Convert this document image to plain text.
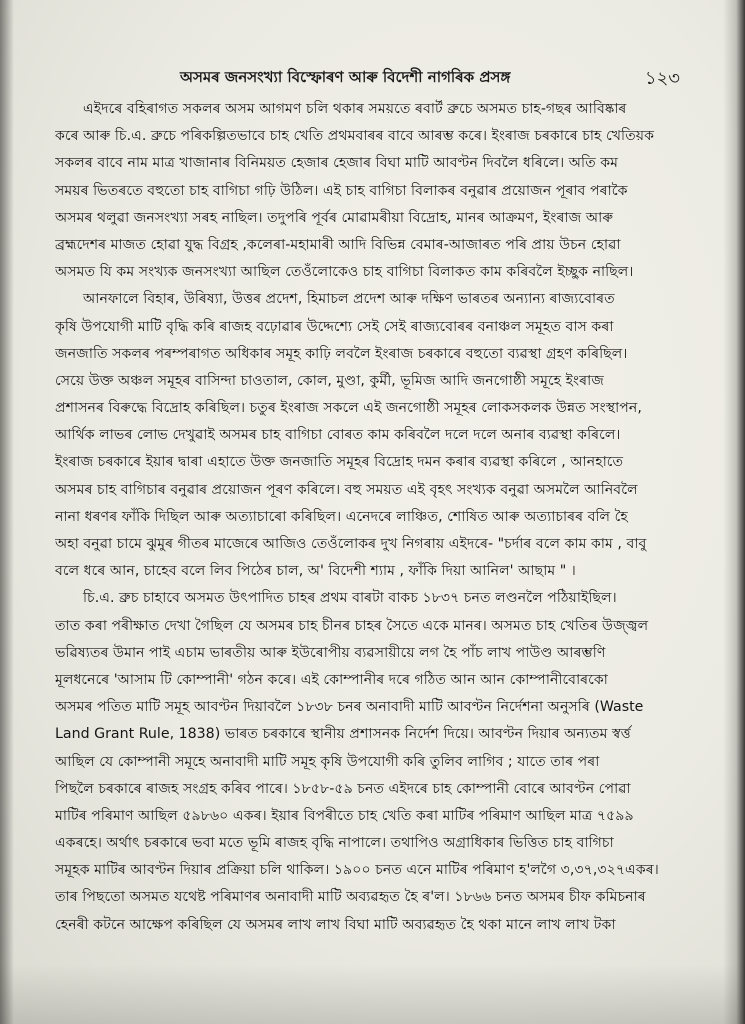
অসমৰ জনসংখ্যা বিস্ফোৰণ আৰু বিদেশী নাগৰিক প্ৰসঙ্গ	১২৩
এইদৰে বহিৰাগত সকলৰ অসম আগমণ চলি থকাৰ সময়তে ৰবাৰ্ট ব্ৰুচে অসমত চাহ-গছৰ আবিষ্কাৰ
কৰে আৰু চি.এ. ব্ৰুচে পৰিকল্পিতভাবে চাহ খেতি প্ৰথমবাৰৰ বাবে আৰম্ভ কৰে। ইংৰাজ চৰকাৰে চাহ খেতিয়ক
সকলৰ বাবে নাম মাত্ৰ খাজানাৰ বিনিময়ত হেজাৰ হেজাৰ বিঘা মাটি আবণ্টন দিবলৈ ধৰিলে। অতি কম
সময়ৰ ভিতৰতে বহুতো চাহ বাগিচা গঢ়ি উঠিল। এই চাহ বাগিচা বিলাকৰ বনুৱাৰ প্ৰয়োজন পূৰাব পৰাকৈ
অসমৰ থলুৱা জনসংখ্যা সৰহ নাছিল। তদুপৰি পূৰ্বৰ মোৱামৰীয়া বিদ্ৰোহ, মানৰ আক্ৰমণ, ইংৰাজ আৰু
ব্ৰহ্মদেশৰ মাজত হোৱা যুদ্ধ বিগ্ৰহ ,কলেৰা-মহামাৰী আদি বিভিন্ন বেমাৰ-আজাৰত পৰি প্ৰায় উচন হোৱা
অসমত যি কম সংখ্যক জনসংখ্যা আছিল তেওঁলোকেও চাহ বাগিচা বিলাকত কাম কৰিবলৈ ইচ্ছুক নাছিল।
আনফালে বিহাৰ, উৰিষ্যা, উত্তৰ প্ৰদেশ, হিমাচল প্ৰদেশ আৰু দক্ষিণ ভাৰতৰ অন্যান্য ৰাজ্যবোৰত
কৃষি উপযোগী মাটি বৃদ্ধি কৰি ৰাজহ বঢ়োৱাৰ উদ্দেশ্যে সেই সেই ৰাজ্যবোৰৰ বনাঞ্চল সমূহত বাস কৰা
জনজাতি সকলৰ পৰম্পৰাগত অধিকাৰ সমূহ কাঢ়ি লবলৈ ইংৰাজ চৰকাৰে বহুতো ব্যৱস্থা গ্ৰহণ কৰিছিল।
সেয়ে উক্ত অঞ্চল সমূহৰ বাসিন্দা চাওতাল, কোল, মুণ্ডা, কুৰ্মী, ভূমিজ আদি জনগোষ্ঠী সমূহে ইংৰাজ
প্ৰশাসনৰ বিৰুদ্ধে বিদ্ৰোহ কৰিছিল। চতুৰ ইংৰাজ সকলে এই জনগোষ্ঠী সমূহৰ লোকসকলক উন্নত সংস্থাপন,
আৰ্থিক লাভৰ লোভ দেখুৱাই অসমৰ চাহ বাগিচা বোৰত কাম কৰিবলৈ দলে দলে অনাৰ ব্যৱস্থা কৰিলে।
ইংৰাজ চৰকাৰে ইয়াৰ দ্বাৰা এহাতে উক্ত জনজাতি সমূহৰ বিদ্ৰোহ দমন কৰাৰ ব্যৱস্থা কৰিলে , আনহাতে
অসমৰ চাহ বাগিচাৰ বনুৱাৰ প্ৰয়োজন পূৰণ কৰিলে। বহু সময়ত এই বৃহৎ সংখ্যক বনুৱা অসমলৈ আনিবলৈ
নানা ধৰণৰ ফাঁকি দিছিল আৰু অত্যাচাৰো কৰিছিল। এনেদৰে লাঞ্চিত, শোষিত আৰু অত্যাচাৰৰ বলি হৈ
অহা বনুৱা চামে ঝুমুৰ গীতৰ মাজেৰে আজিও তেওঁলোকৰ দুখ নিগৰায় এইদৰে- "চৰ্দাৰ বলে কাম কাম , বাবু
বলে ধৰে আন, চাহেব বলে লিব পিঠেৰ চাল, অ' বিদেশী শ্যাম , ফাঁকি দিয়া আনিল' আছাম " ।
চি.এ. ব্ৰুচ চাহাবে অসমত উৎপাদিত চাহৰ প্ৰথম বাৰটা বাকচ ১৮৩৭ চনত লণ্ডনলৈ পঠিয়াইছিল।
তাত কৰা পৰীক্ষাত দেখা গৈছিল যে অসমৰ চাহ চীনৰ চাহৰ সৈতে একে মানৰ। অসমত চাহ খেতিৰ উজ্জ্বল
ভৱিষ্যতৰ উমান পাই এচাম ভাৰতীয় আৰু ইউৰোপীয় ব্যৱসায়ীয়ে লগ হৈ পাঁচ লাখ পাউণ্ড আৰম্ভণি
মূলধনেৰে 'আসাম টি কোম্পানী' গঠন কৰে। এই কোম্পানীৰ দৰে গঠিত আন আন কোম্পানীবোৰকো
অসমৰ পতিত মাটি সমূহ আবণ্টন দিয়াবলৈ ১৮৩৮ চনৰ অনাবাদী মাটি আবণ্টন নিৰ্দেশনা অনুসৰি (Waste
Land Grant Rule, 1838) ভাৰত চৰকাৰে স্থানীয় প্ৰশাসনক নিৰ্দেশ দিয়ে। আবণ্টন দিয়াৰ অন্যতম স্বৰ্ত্ত
আছিল যে কোম্পানী সমূহে অনাবাদী মাটি সমূহ কৃষি উপযোগী কৰি তুলিব লাগিব ; যাতে তাৰ পৰা
পিছলৈ চৰকাৰে ৰাজহ সংগ্ৰহ কৰিব পাৰে। ১৮৫৮-৫৯ চনত এইদৰে চাহ কোম্পানী বোৰে আবণ্টন পোৱা
মাটিৰ পৰিমাণ আছিল ৫৯৮৬০ একৰ। ইয়াৰ বিপৰীতে চাহ খেতি কৰা মাটিৰ পৰিমাণ আছিল মাত্ৰ ৭৫৯৯
একৰহে। অৰ্থাৎ চৰকাৰে ভবা মতে ভূমি ৰাজহ বৃদ্ধি নাপালে। তথাপিও অগ্ৰাধিকাৰ ভিত্তিত চাহ বাগিচা
সমূহক মাটিৰ আবণ্টন দিয়াৰ প্ৰক্ৰিয়া চলি থাকিল। ১৯০০ চনত এনে মাটিৰ পৰিমাণ হ'লগৈ ৩,৩৭,৩২৭একৰ।
তাৰ পিছতো অসমত যথেষ্ট পৰিমাণৰ অনাবাদী মাটি অব্যৱহৃত হৈ ৰ'ল। ১৮৬৬ চনত অসমৰ চীফ কমিচনাৰ
হেনৰী কটনে আক্ষেপ কৰিছিল যে অসমৰ লাখ লাখ বিঘা মাটি অব্যৱহৃত হৈ থকা মানে লাখ লাখ টকা
